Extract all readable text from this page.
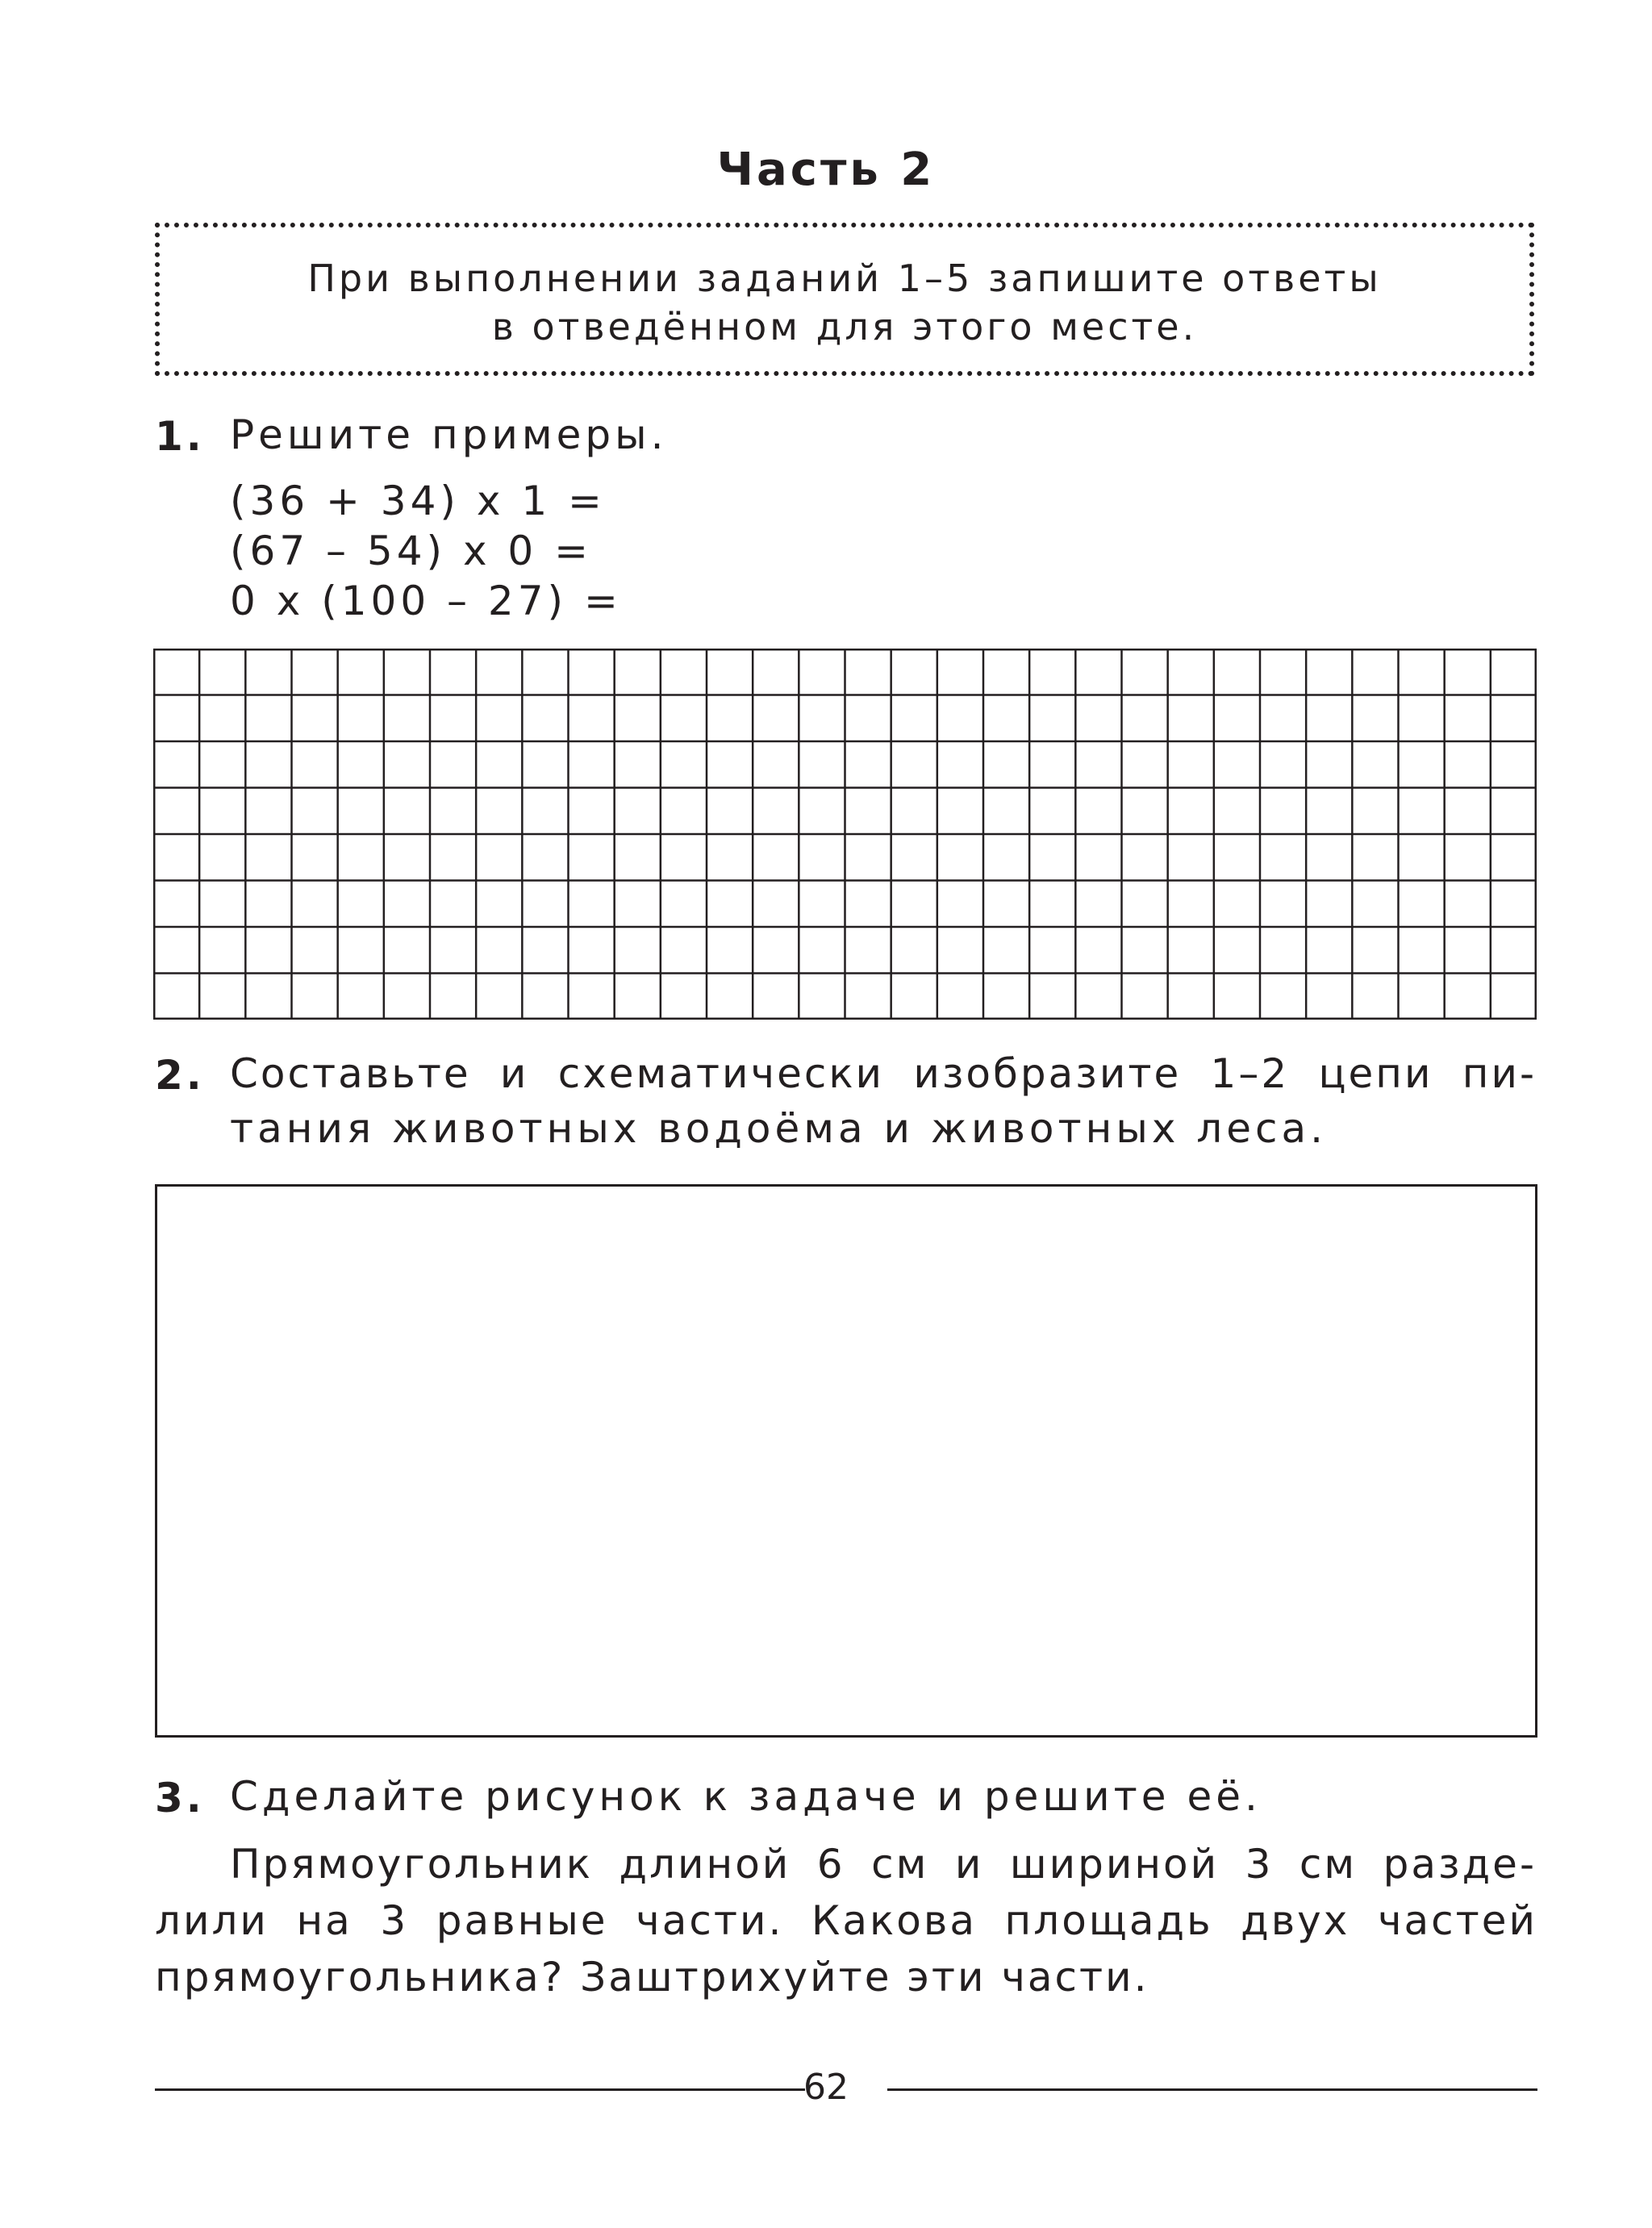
Часть 2
При выполнении заданий 1–5 запишите ответы
в отведённом для этого месте.
1. Решите примеры.
(36 + 34) х 1 =
(67 – 54) х 0 =
0 х (100 – 27) =
2. Составьте и схематически изобразите 1–2 цепи пи-
тания животных водоёма и животных леса.
3. Сделайте рисунок к задаче и решите её.
Прямоугольник длиной 6 см и шириной 3 см разде-
лили на 3 равные части. Какова площадь двух частей
прямоугольника? Заштрихуйте эти части.
62
